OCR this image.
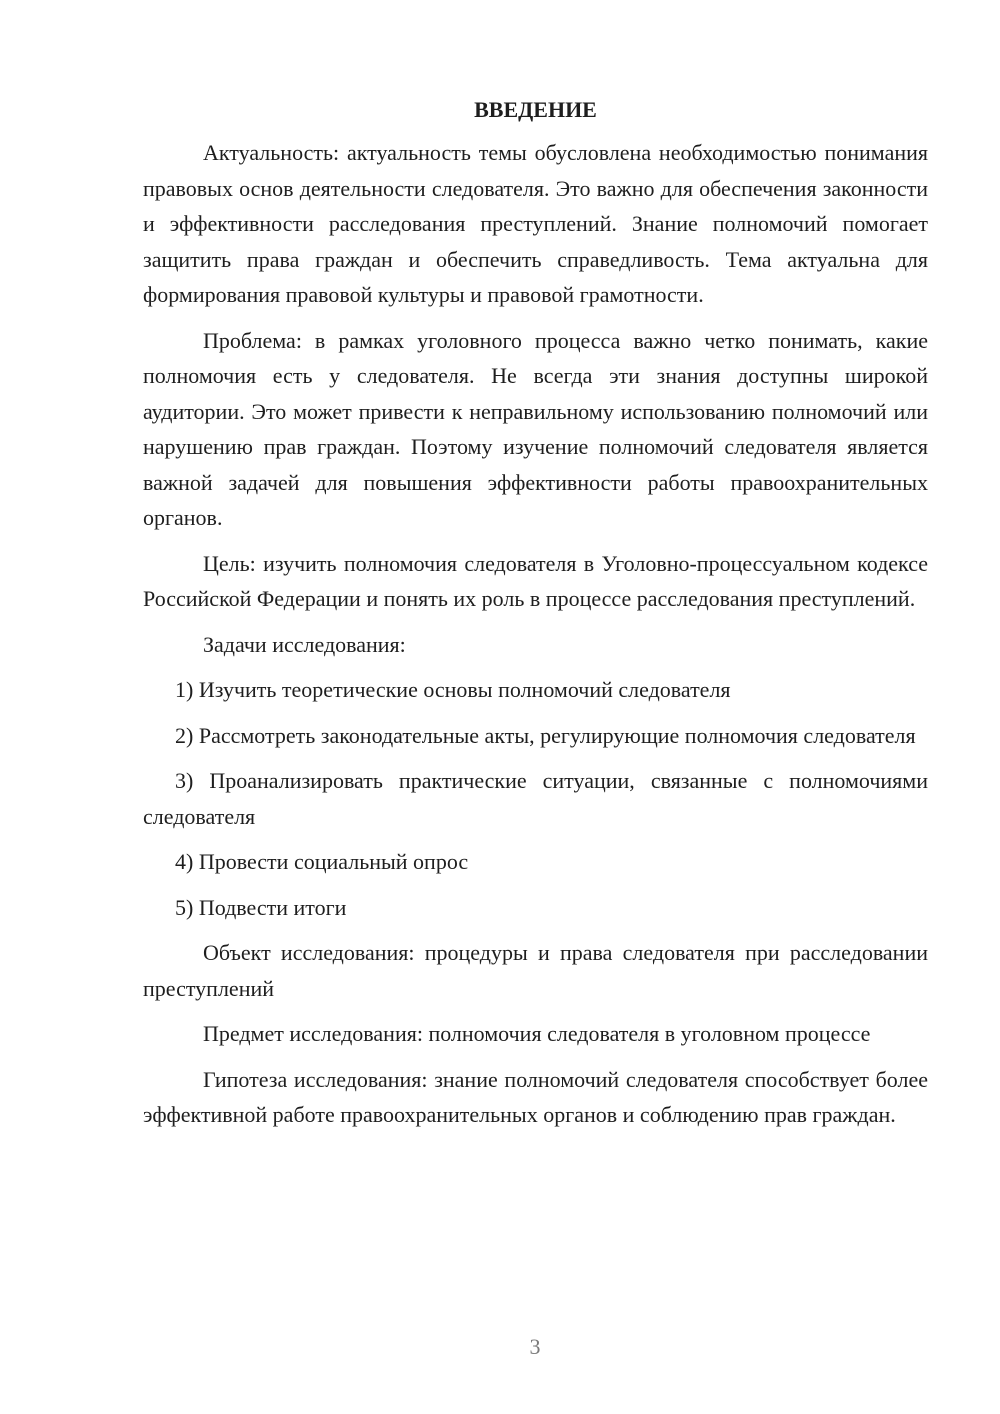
ВВЕДЕНИЕ

Актуальность: актуальность темы обусловлена необходимостью понимания правовых основ деятельности следователя. Это важно для обеспечения законности и эффективности расследования преступлений. Знание полномочий помогает защитить права граждан и обеспечить справедливость. Тема актуальна для формирования правовой культуры и правовой грамотности.

Проблема: в рамках уголовного процесса важно четко понимать, какие полномочия есть у следователя. Не всегда эти знания доступны широкой аудитории. Это может привести к неправильному использованию полномочий или нарушению прав граждан. Поэтому изучение полномочий следователя является важной задачей для повышения эффективности работы правоохранительных органов.

Цель: изучить полномочия следователя в Уголовно-процессуальном кодексе Российской Федерации и понять их роль в процессе расследования преступлений.

Задачи исследования:

1) Изучить теоретические основы полномочий следователя

2) Рассмотреть законодательные акты, регулирующие полномочия следователя

3) Проанализировать практические ситуации, связанные с полномочиями следователя

4) Провести социальный опрос

5) Подвести итоги

Объект исследования: процедуры и права следователя при расследовании преступлений

Предмет исследования: полномочия следователя в уголовном процессе

Гипотеза исследования: знание полномочий следователя способствует более эффективной работе правоохранительных органов и соблюдению прав граждан.

3
